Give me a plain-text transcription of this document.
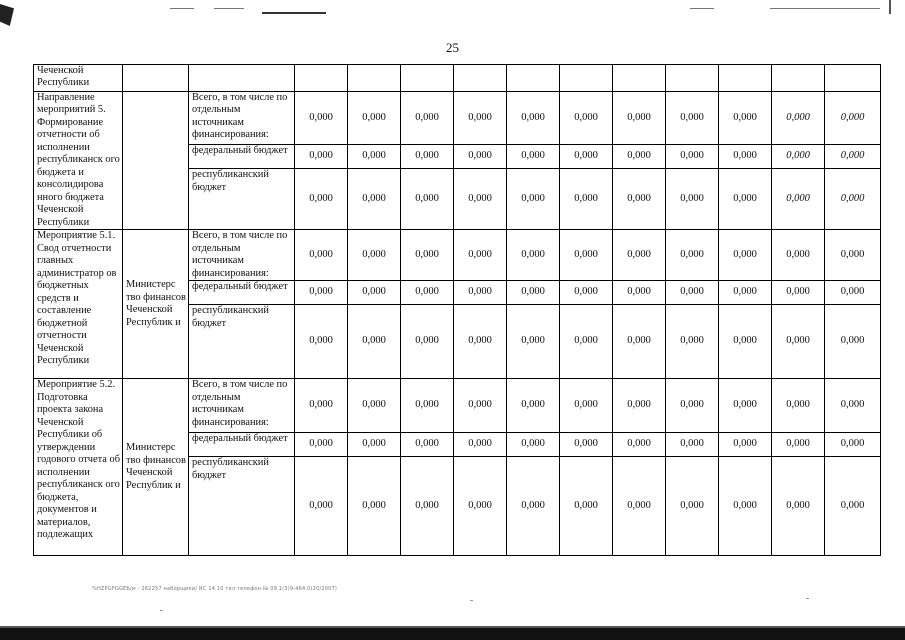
25
Чеченской Республики													
Направление мероприятий 5. Формирование отчетности об исполнении республиканск ого бюджета и консолидирова нного бюджета Чеченской Республики		Всего, в том числе по отдельным источникам финансирования:	0,000	0,000	0,000	0,000	0,000	0,000	0,000	0,000	0,000	0,000	0,000
		федеральный бюджет	0,000	0,000	0,000	0,000	0,000	0,000	0,000	0,000	0,000	0,000	0,000
		республиканский бюджет	0,000	0,000	0,000	0,000	0,000	0,000	0,000	0,000	0,000	0,000	0,000
Мероприятие 5.1. Свод отчетности главных администратор ов бюджетных средств и составление бюджетной отчетности Чеченской Республики	Министерс тво финансов Чеченской Республик и	Всего, в том числе по отдельным источникам финансирования:	0,000	0,000	0,000	0,000	0,000	0,000	0,000	0,000	0,000	0,000	0,000
		федеральный бюджет	0,000	0,000	0,000	0,000	0,000	0,000	0,000	0,000	0,000	0,000	0,000
		республиканский бюджет	0,000	0,000	0,000	0,000	0,000	0,000	0,000	0,000	0,000	0,000	0,000
Мероприятие 5.2. Подготовка проекта закона Чеченской Республики об утверждении годового отчета об исполнении республиканск ого бюджета, документов и материалов, подлежащих	Министерс тво финансов Чеченской Республик и	Всего, в том числе по отдельным источникам финансирования:	0,000	0,000	0,000	0,000	0,000	0,000	0,000	0,000	0,000	0,000	0,000
		федеральный бюджет	0,000	0,000	0,000	0,000	0,000	0,000	0,000	0,000	0,000	0,000	0,000
		республиканский бюджет	0,000	0,000	0,000	0,000	0,000	0,000	0,000	0,000	0,000	0,000	0,000
%HZPGFGGEБ/м - 262257 наборщики/ ИС 14.10 тел.телефон № 09.1(3)9-464.0(20/2007)
